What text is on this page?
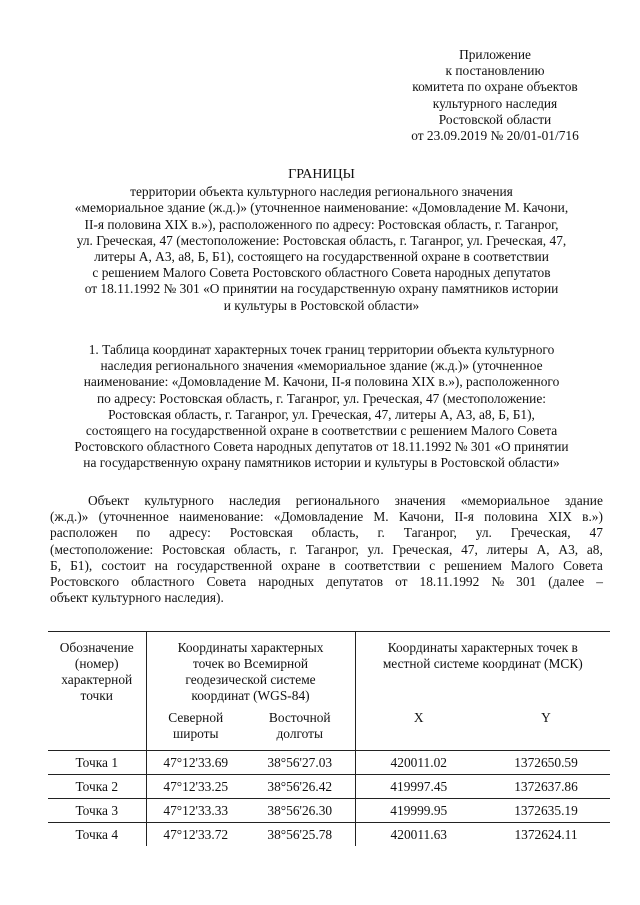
Приложение
к постановлению
комитета по охране объектов
культурного наследия
Ростовской области
от 23.09.2019 № 20/01-01/716
ГРАНИЦЫ
территории объекта культурного наследия регионального значения
«мемориальное здание (ж.д.)» (уточненное наименование: «Домовладение М. Качони,
II-я половина XIX в.»), расположенного по адресу: Ростовская область, г. Таганрог,
ул. Греческая, 47 (местоположение: Ростовская область, г. Таганрог, ул. Греческая, 47,
литеры А, А3, а8, Б, Б1), состоящего на государственной охране в соответствии
с решением Малого Совета Ростовского областного Совета народных депутатов
от 18.11.1992 № 301 «О принятии на государственную охрану памятников истории
и культуры в Ростовской области»
1. Таблица координат характерных точек границ территории объекта культурного
наследия регионального значения «мемориальное здание (ж.д.)» (уточненное
наименование: «Домовладение М. Качони, II-я половина XIX в.»), расположенного
по адресу: Ростовская область, г. Таганрог, ул. Греческая, 47 (местоположение:
Ростовская область, г. Таганрог, ул. Греческая, 47, литеры А, А3, а8, Б, Б1),
состоящего на государственной охране в соответствии с решением Малого Совета
Ростовского областного Совета народных депутатов от 18.11.1992 № 301 «О принятии
на государственную охрану памятников истории и культуры в Ростовской области»
Объект культурного наследия регионального значения «мемориальное здание
(ж.д.)» (уточненное наименование: «Домовладение М. Качони, II-я половина XIX в.»)
расположен по адресу: Ростовская область, г. Таганрог, ул. Греческая, 47
(местоположение: Ростовская область, г. Таганрог, ул. Греческая, 47, литеры А, А3, а8,
Б, Б1), состоит на государственной охране в соответствии с решением Малого Совета
Ростовского областного Совета народных депутатов от 18.11.1992 № 301 (далее –
объект культурного наследия).
Обозначение (номер) характерной точки	Координаты характерных точек во Всемирной геодезической системе координат (WGS-84)		Координаты характерных точек в местной системе координат (МСК)	
	Северной широты	Восточной долготы	X	Y
Точка 1	47°12'33.69	38°56'27.03	420011.02	1372650.59
Точка 2	47°12'33.25	38°56'26.42	419997.45	1372637.86
Точка 3	47°12'33.33	38°56'26.30	419999.95	1372635.19
Точка 4	47°12'33.72	38°56'25.78	420011.63	1372624.11
